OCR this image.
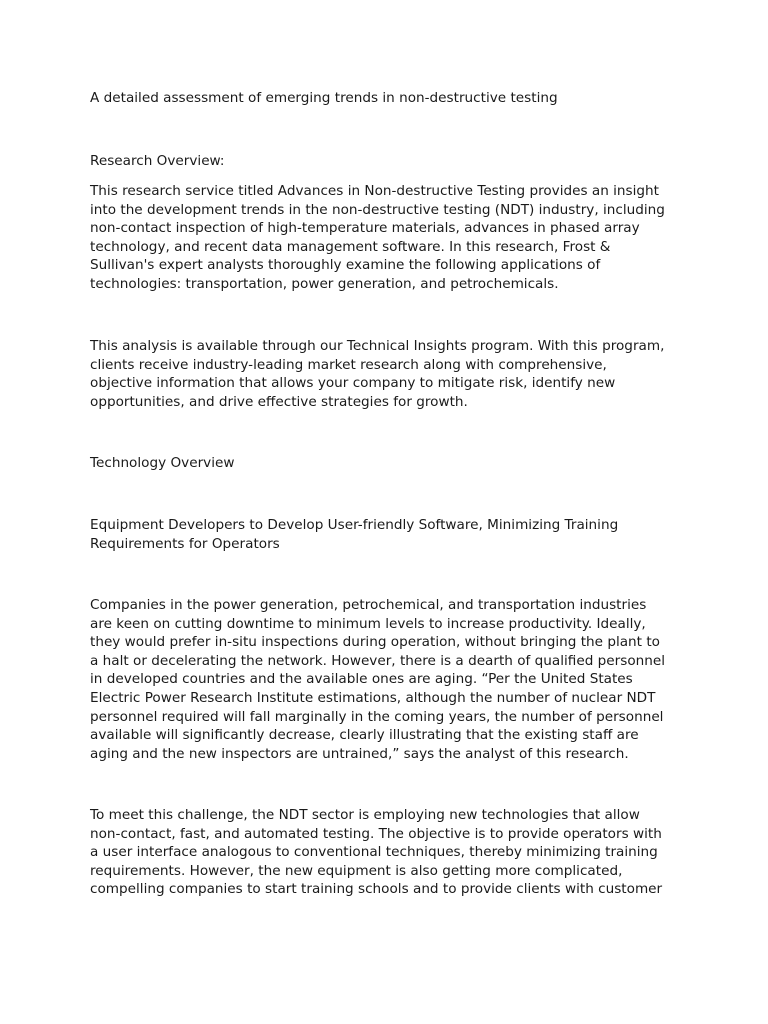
A detailed assessment of emerging trends in non-destructive testing
Research Overview:
This research service titled Advances in Non-destructive Testing provides an insight
into the development trends in the non-destructive testing (NDT) industry, including
non-contact inspection of high-temperature materials, advances in phased array
technology, and recent data management software. In this research, Frost &
Sullivan's expert analysts thoroughly examine the following applications of
technologies: transportation, power generation, and petrochemicals.
This analysis is available through our Technical Insights program. With this program,
clients receive industry-leading market research along with comprehensive,
objective information that allows your company to mitigate risk, identify new
opportunities, and drive effective strategies for growth.
Technology Overview
Equipment Developers to Develop User-friendly Software, Minimizing Training
Requirements for Operators
Companies in the power generation, petrochemical, and transportation industries
are keen on cutting downtime to minimum levels to increase productivity. Ideally,
they would prefer in-situ inspections during operation, without bringing the plant to
a halt or decelerating the network. However, there is a dearth of qualified personnel
in developed countries and the available ones are aging. “Per the United States
Electric Power Research Institute estimations, although the number of nuclear NDT
personnel required will fall marginally in the coming years, the number of personnel
available will significantly decrease, clearly illustrating that the existing staff are
aging and the new inspectors are untrained,” says the analyst of this research.
To meet this challenge, the NDT sector is employing new technologies that allow
non-contact, fast, and automated testing. The objective is to provide operators with
a user interface analogous to conventional techniques, thereby minimizing training
requirements. However, the new equipment is also getting more complicated,
compelling companies to start training schools and to provide clients with customer
